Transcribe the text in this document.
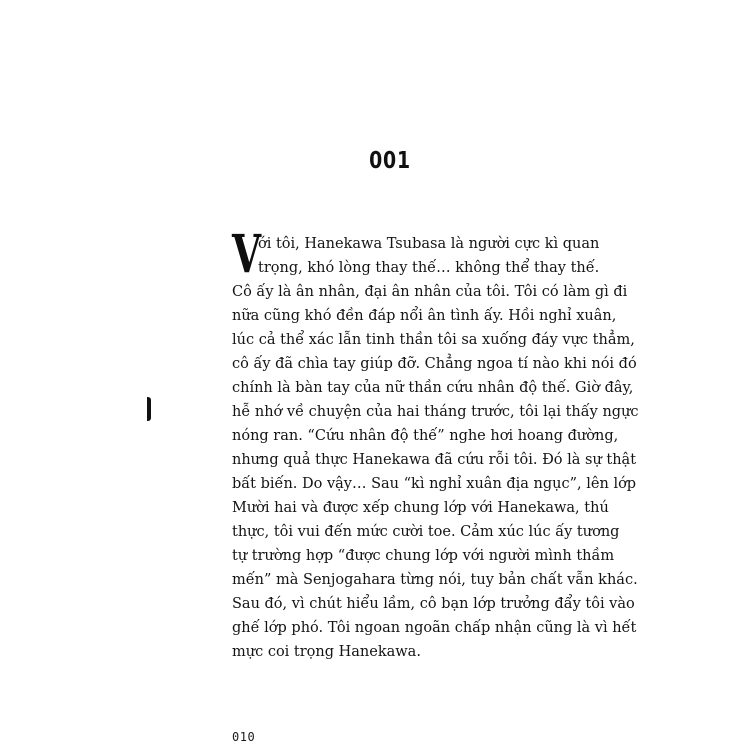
001
V
ới tôi, Hanekawa Tsubasa là người cực kì quan
trọng, khó lòng thay thế… không thể thay thế.
Cô ấy là ân nhân, đại ân nhân của tôi. Tôi có làm gì đi
nữa cũng khó đền đáp nổi ân tình ấy. Hồi nghỉ xuân,
lúc cả thể xác lẫn tinh thần tôi sa xuống đáy vực thẳm,
cô ấy đã chìa tay giúp đỡ. Chẳng ngoa tí nào khi nói đó
chính là bàn tay của nữ thần cứu nhân độ thế. Giờ đây,
hễ nhớ về chuyện của hai tháng trước, tôi lại thấy ngực
nóng ran. “Cứu nhân độ thế” nghe hơi hoang đường,
nhưng quả thực Hanekawa đã cứu rỗi tôi. Đó là sự thật
bất biến. Do vậy… Sau “kì nghỉ xuân địa ngục”, lên lớp
Mười hai và được xếp chung lớp với Hanekawa, thú
thực, tôi vui đến mức cười toe. Cảm xúc lúc ấy tương
tự trường hợp “được chung lớp với người mình thầm
mến” mà Senjogahara từng nói, tuy bản chất vẫn khác.
Sau đó, vì chút hiểu lầm, cô bạn lớp trưởng đẩy tôi vào
ghế lớp phó. Tôi ngoan ngoãn chấp nhận cũng là vì hết
mực coi trọng Hanekawa.
010
